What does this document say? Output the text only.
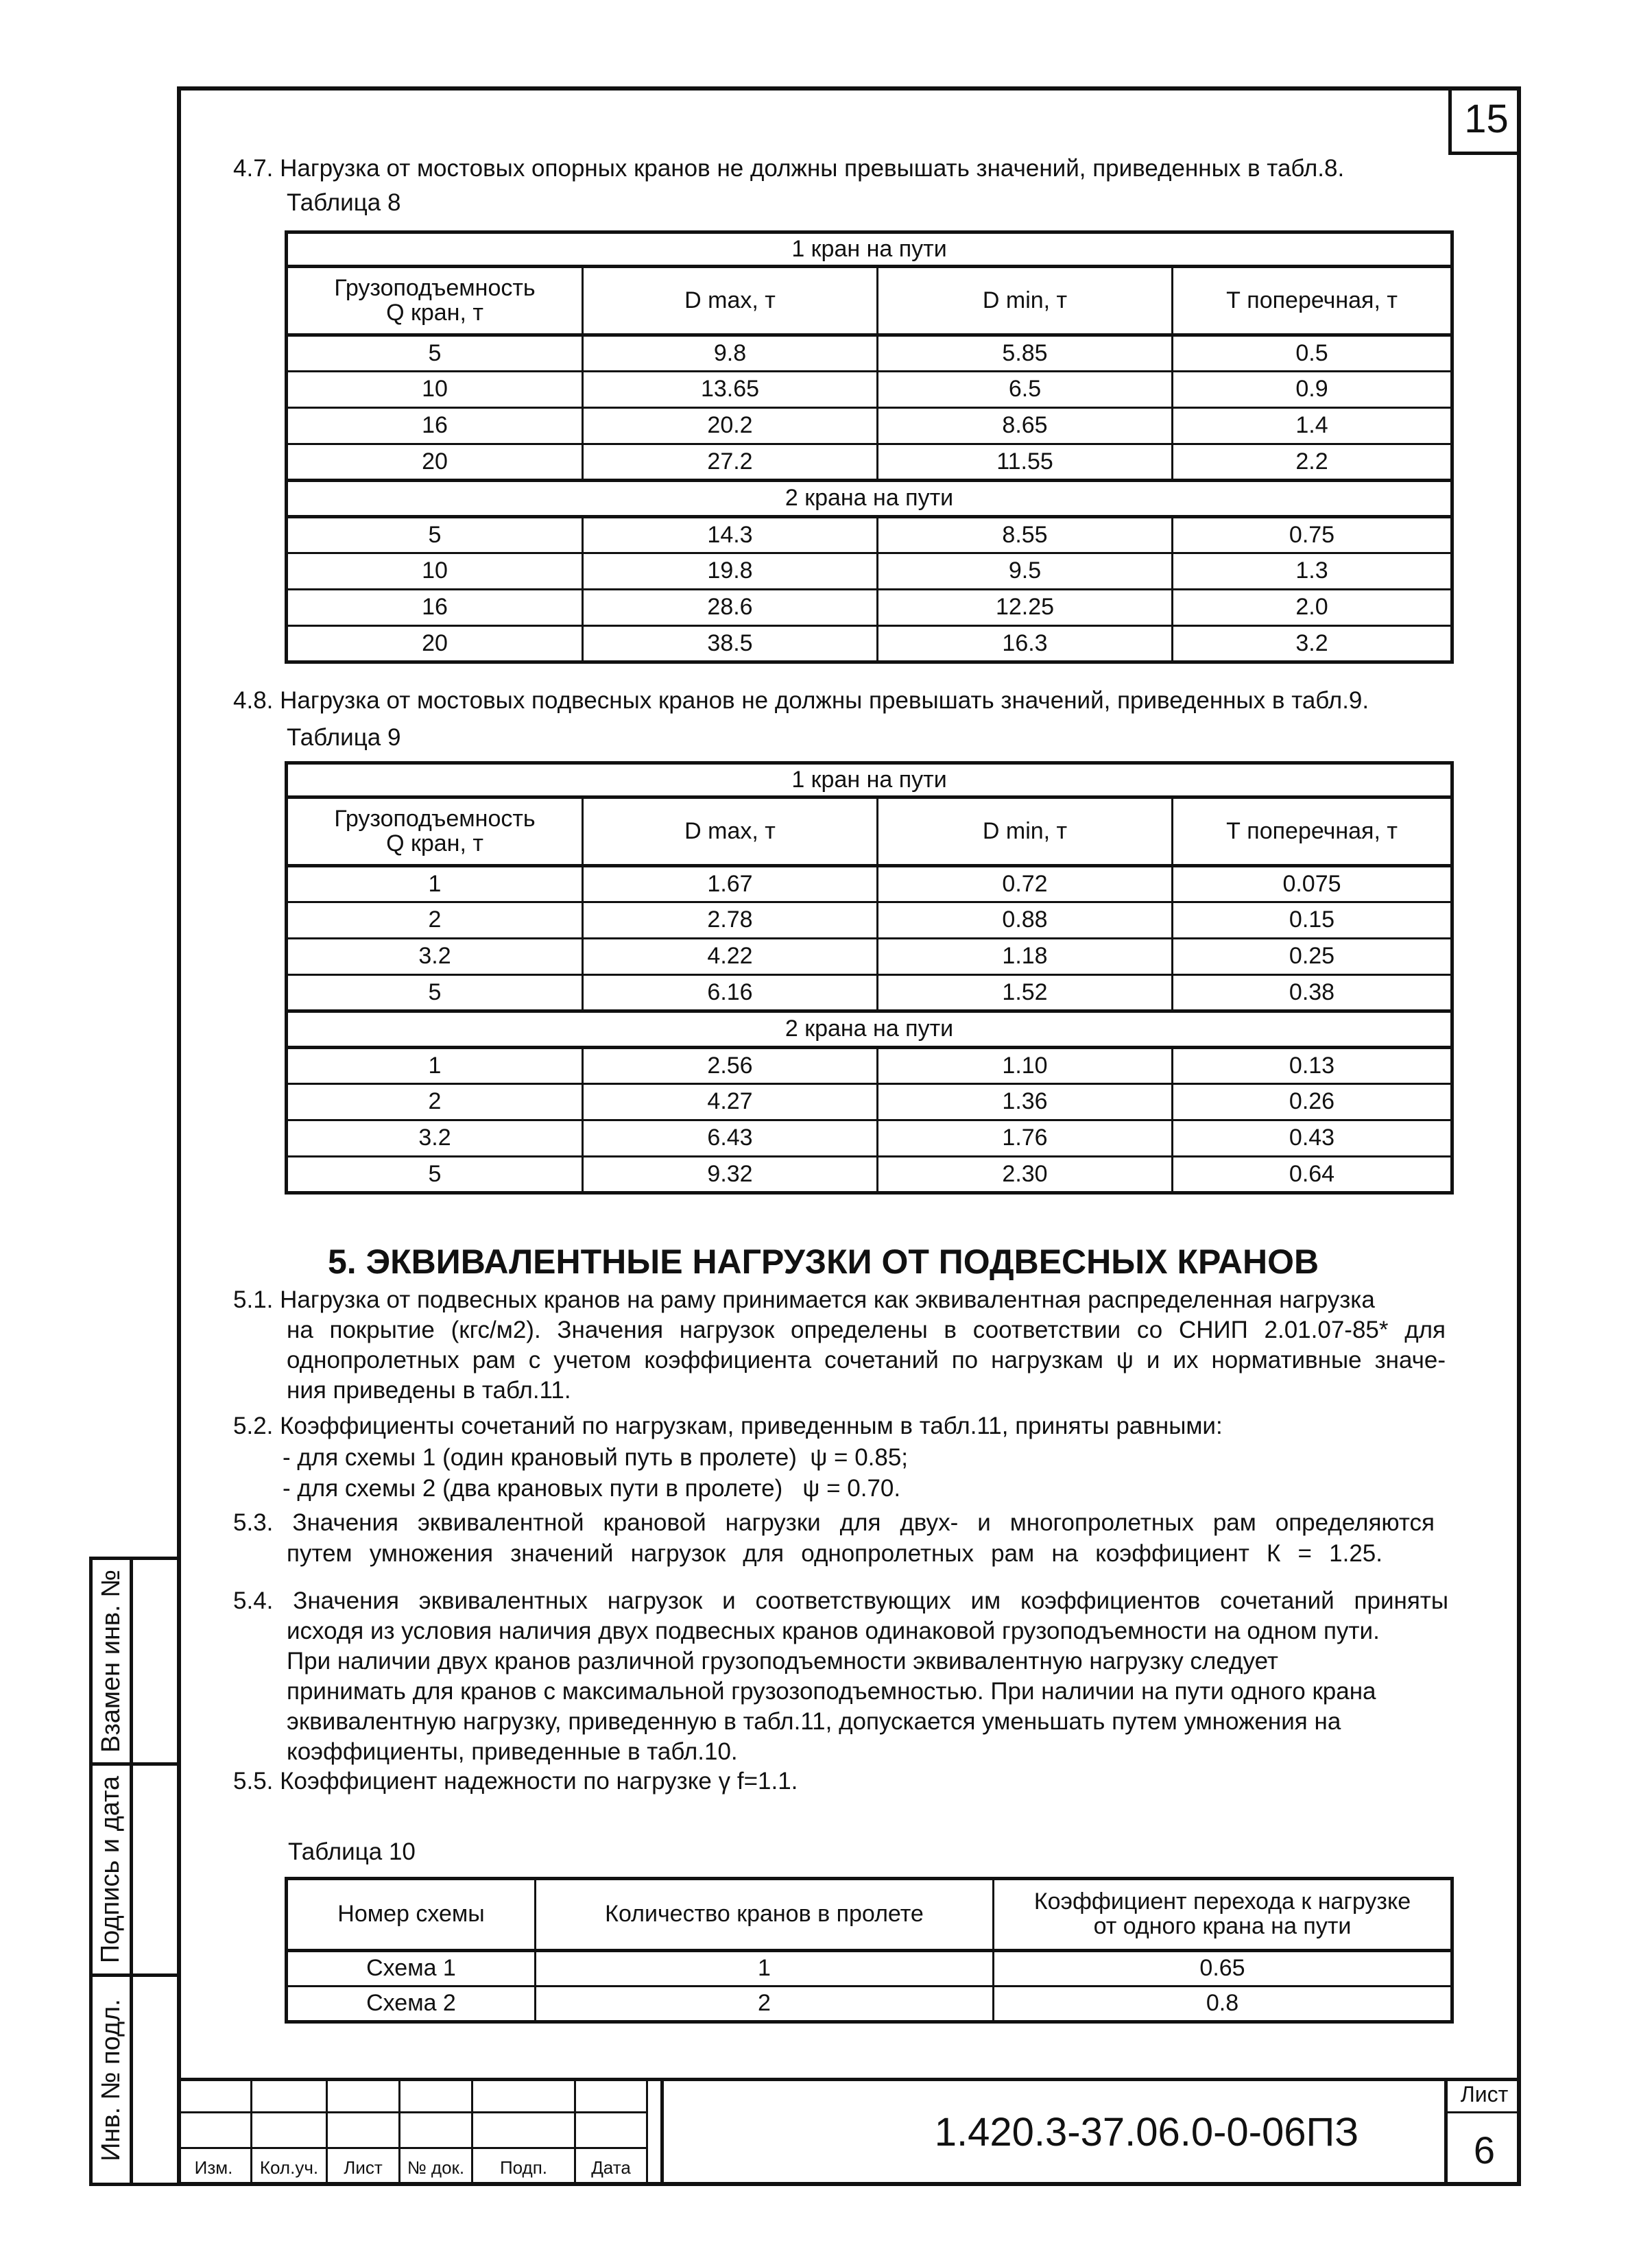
15
Взамен инв. №
Подпись и дата
Инв. № подл.
4.7. Нагрузка от мостовых опорных кранов не должны превышать значений, приведенных в табл.8.
Таблица 8
1 кран на пути			
Грузоподъемность
Q кран, т	D max, т	D min, т	Т поперечная, т
5	9.8	5.85	0.5
10	13.65	6.5	0.9
16	20.2	8.65	1.4
20	27.2	11.55	2.2
2 крана на пути			
5	14.3	8.55	0.75
10	19.8	9.5	1.3
16	28.6	12.25	2.0
20	38.5	16.3	3.2
4.8. Нагрузка от мостовых подвесных кранов не должны превышать значений, приведенных в табл.9.
Таблица 9
1 кран на пути			
Грузоподъемность
Q кран, т	D max, т	D min, т	Т поперечная, т
1	1.67	0.72	0.075
2	2.78	0.88	0.15
3.2	4.22	1.18	0.25
5	6.16	1.52	0.38
2 крана на пути			
1	2.56	1.10	0.13
2	4.27	1.36	0.26
3.2	6.43	1.76	0.43
5	9.32	2.30	0.64
5. ЭКВИВАЛЕНТНЫЕ НАГРУЗКИ ОТ ПОДВЕСНЫХ КРАНОВ
5.1. Нагрузка от подвесных кранов на раму принимается как эквивалентная распределенная нагрузка
на покрытие (кгс/м2). Значения нагрузок определены в соответствии со СНИП 2.01.07-85* для
однопролетных рам с учетом коэффициента сочетаний по нагрузкам ψ и их нормативные значе-
ния приведены в табл.11.
5.2. Коэффициенты сочетаний по нагрузкам, приведенным в табл.11, приняты равными:
- для схемы 1 (один крановый путь в пролете)  ψ = 0.85;
- для схемы 2 (два крановых пути в пролете)   ψ = 0.70.
5.3. Значения эквивалентной крановой нагрузки для двух- и многопролетных рам определяются
путем умножения значений нагрузок для однопролетных рам на коэффициент К = 1.25.
5.4. Значения эквивалентных нагрузок и соответствующих им коэффициентов сочетаний приняты
исходя из условия наличия двух подвесных кранов одинаковой грузоподъемности на одном пути.
При наличии двух кранов различной грузоподъемности эквивалентную нагрузку следует
принимать для кранов с максимальной грузозоподъемностью. При наличии на пути одного крана
эквивалентную нагрузку, приведенную в табл.11, допускается уменьшать путем умножения на
коэффициенты, приведенные в табл.10.
5.5. Коэффициент надежности по нагрузке γ f=1.1.
Таблица 10
Номер схемы	Количество кранов в пролете	Коэффициент перехода к нагрузке
от одного крана на пути
Схема 1	1	0.65
Схема 2	2	0.8
Изм.	Кол.уч.	Лист	№ док.	Подп.	Дата
1.420.3-37.06.0-0-06ПЗ
Лист
6
